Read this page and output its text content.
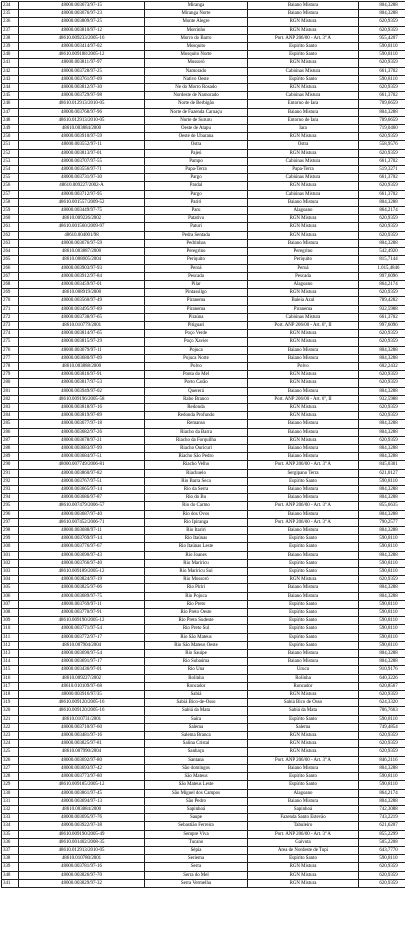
234	48000.003673/97-15	Miranga	Baiano Mistura	804,3288
235	48000.003676/97-23	Miranga Norte	Baiano Mistura	804,3288
236	48000.003809/97-25	Monte Alegre	RGN Mistura	620,9359
237	48000.003810/97-12	Morrinho	RGN Mistura	620,9359
238	48610.009233/2005-16	Morro do Barro	Port. ANP 206/00 - Art. 3º A	955,4207
239	48000.003414/97-02	Mosquito	Espírito Santo	590,8110
240	48610.009188/2005-12	Mosquito Norte	Espírito Santo	590,8110
241	48000.003811/97-97	Mossoró	RGN Mistura	620,9359
242	48000.003728/97-25	Namorado	Cabiúnas Mistura	661,3702
243	48000.003761/97-09	Nativo Oeste	Espírito Santo	590,8110
244	48000.003812/97-30	Ne do Morro Rosado	RGN Mistura	620,9359
245	48000.003729/97-98	Nordeste de Namorado	Cabiúnas Mistura	661,3702
246	48610.012913/2010-05	Norte de Berbigão	Entorno de Iara	709,6659
247	48000.003768/97-96	Norte de Fazenda Caruaçu	Baiano Mistura	804,3288
248	48610.012913/2010-05	Norte de Sururu	Entorno de Iara	709,6659
249	48610.003884/2000	Oeste de Atapu	Iara	719,0460
250	48000.003910/97-59	Oeste de Ubarana	RGN Mistura	620,9359
251	48000.003552/97-11	Ostra	Ostra	558,9576
252	48000.003813/97-01	Pajeú	RGN Mistura	620,9359
253	48000.003707/97-55	Pampo	Cabiúnas Mistura	661,3702
254	48000.003556/97-71	Papa-Terra	Papa-Terra	519,3271
255	48000.003731/97-30	Pargo	Cabiúnas Mistura	661,3702
256	48610.009227/2002-A	Pardal	RGN Mistura	620,9359
257	48000.003712/97-95	Pargo	Cabiúnas Mistura	661,3702
258	48610.001557/2009-52	Pariri	Baiano Mistura	804,3288
259	48000.003449/97-75	Paru	Alagoano	864,2174
260	48610.009226/2002	Patativa	RGN Mistura	620,9359
261	48610.001560/2009-97	Paturi	RGN Mistura	620,9359
262	48610.004001/98	Pedra Sentada	RGN Mistura	620,9359
263	48000.003676/97-59	Pedrinhas	Baiano Mistura	804,3288
264	48610.003887/2000	Peregrino	Peregrino	542,4920
265	48610.008005/2004	Periquito	Periquito	815,7144
266	48000.003903/97-93	Peroá	Peroá	1.015,4846
267	48000.003912/97-84	Pescada	Pescada	997,6096
268	48000.003459/97-01	Pilar	Alagoano	864,2174
269	48610.008919/2000	Pintassilgo	RGN Mistura	620,9359
270	48000.003560/97-49	Piranema	Baleia Azul	789,4282
271	48000.003495/97-89	Piranema	Piranema	932,5988
272	48000.003738/97-65	Piraúna	Cabiúnas Mistura	661,3702
273	48610.010779/2001	Pitiguari	Port. ANP 206/00 - Art. 6º, II	997,6096
274	48000.003814/97-65	Poço Verde	RGN Mistura	620,9359
275	48000.003815/97-29	Poço Xavier	RGN Mistura	620,9359
276	48000.003679/97-11	Pojuca	Baiano Mistura	804,3288
277	48000.003680/97-09	Pojuca Norte	Baiano Mistura	804,3288
278	48610.003888/2000	Polvo	Polvo	602,2432
279	48000.003816/97-91	Ponta do Mel	RGN Mistura	620,9359
280	48000.003817/97-53	Porto Carão	RGN Mistura	620,9359
281	48000.003949/97-02	Quererá	Baiano Mistura	804,3288
282	48610.009196/2005-58	Rabo Branco	Port. ANP 206/00 - Art. 6º, II	932,5988
283	48000.003818/97-16	Redonda	RGN Mistura	620,9359
284	48000.003819/97-89	Redonda Profundo	RGN Mistura	620,9359
285	48000.003677/97-18	Remanso	Baiano Mistura	804,3288
286	48000.003682/97-26	Riacho da Barra	Baiano Mistura	804,3288
287	48000.003678/97-21	Riacho da Forquilha	RGN Mistura	620,9359
288	48000.003683/97-99	Riacho Ouricuri	Baiano Mistura	804,3288
289	48000.003684/97-51	Riacho São Pedro	Baiano Mistura	804,3288
290	48000.007749/2006-81	Riacho Velho	Port. ANP 206/00 - Art. 3º A	845,0301
291	48000.003860/97-82	Riachuelo	Sergipano Terra	621,0127
292	48000.003767/97-51	Rio Barra Seca	Espírito Santo	590,8110
293	48000.003665/97-14	Rio da Serra	Baiano Mistura	804,3288
294	48000.003686/97-87	Rio do Bu	Baiano Mistura	804,3288
295	48610.007479/2006-57	Rio do Carmo	Port. ANP 206/00 - Art. 3º A	855,6635
296	48000.003687/97-40	Rio dos Ovos	Baiano Mistura	804,3288
297	48610.007452/2006-71	Rio Ipiranga	Port. ANP 206/00 - Art. 3º A	790,2577
298	48000.003688/97-11	Rio Itariri	Baiano Mistura	804,3288
299	48000.003769/97-14	Rio Itaúnas	Espírito Santo	590,8110
300	48000.003776/97-67	Rio Itaúnas Leste	Espírito Santo	590,8110
301	48000.003690/97-43	Rio Joanes	Baiano Mistura	804,3288
302	48000.003766/97-40	Rio Mariricu	Espírito Santo	590,8110
303	48610.009189/2005-12	Rio Mariricu Sul	Espírito Santo	590,8110
304	48000.003824/97-19	Rio Mossoró	RGN Mistura	620,9359
305	48000.003825/97-06	Rio Piriri	Baiano Mistura	804,3288
306	48000.003689/97-75	Rio Pojuca	Baiano Mistura	804,3288
307	48000.003769/97-11	Rio Preto	Espírito Santo	590,8110
308	48000.003770/97-91	Rio Preto Oeste	Espírito Santo	590,8110
309	48610.009190/2005-12	Rio Preto Sudeste	Espírito Santo	590,8110
310	48000.003771/97-54	Rio Preto Sul	Espírito Santo	590,8110
311	48000.003772/97-17	Rio São Mateus	Espírito Santo	590,8110
312	48610.007904/2004	Rio São Mateus Oeste	Espírito Santo	590,8110
313	48000.003690/97-54	Rio Sauípe	Baiano Mistura	804,3288
314	48000.003691/97-17	Rio Subaúma	Baiano Mistura	804,3288
315	48000.003436/97-01	Rio Una	Urucu	910,9176
316	48610.009227/2002	Rolinha	Rolinha	640,3226
317	48610.010109/97-68	Roncador	Roncador	620,8567
318	48000.003916/97/35	Sabiá	RGN Mistura	620,9359
319	48610.009120/2005-16	Sabiá Bico-de-Osso	Sabiá Bico de Osso	624,3320
320	48610.009120/2005-16	Sabiá da Mata	Sabiá da Mata	706,7663
321	48610.010731/2001	Saíra	Espírito Santo	590,8110
322	48000.003710/97-60	Salema	Salema	749,4854
323	48000.003481/97-16	Salema Branca	RGN Mistura	620,9359
324	48000.003825/97-81	Salina Cristal	RGN Mistura	620,9359
325	48610.007990/2004	Sanhaçu	RGN Mistura	620,9359
326	48000.003692/97-80	Santana	Port. ANP 206/00 - Art. 3º A	846,2116
327	48000.003693/97-42	São domingos	Baiano Mistura	804,3288
328	48000.003773/97-80	São Mateus	Espírito Santo	590,8110
329	48610.009185/2005-12	São Mateus Leste	Espírito Santo	590,8110
330	48000.003861/97-45	São Miguel dos Campos	Alagoano	864,2174
331	48000.003694/97-13	São Pedro	Baiano Mistura	804,3288
332	48610.003884/2000	Sapinhoá	Sapinhoá	742,3088
333	48000.003695/97-76	Saupe	Fazenda Santo Estevão	743,2219
334	48000.003922/97-38	Sebastião Ferreira	Tabuleiro	621,6207
335	48610.009190/2005-49	Sempre Viva	Port. ANP 206/00 - Art. 3º A	855,2299
336	48610.001402/2008-35	Tucano	Gaivota	505,2208
337	48610.012913/2010-05	Sépia	Área de Nordeste de Tupi	643,7770
338	48610.010780/2001	Seriema	Espírito Santo	590,8110
339	48000.003781/97-16	Serra	RGN Mistura	620,9359
340	48000.003826/97-70	Serra do Mel	RGN Mistura	620,9359
341	48000.003829/97-32	Serra Vermelha	RGN Mistura	620,9359
